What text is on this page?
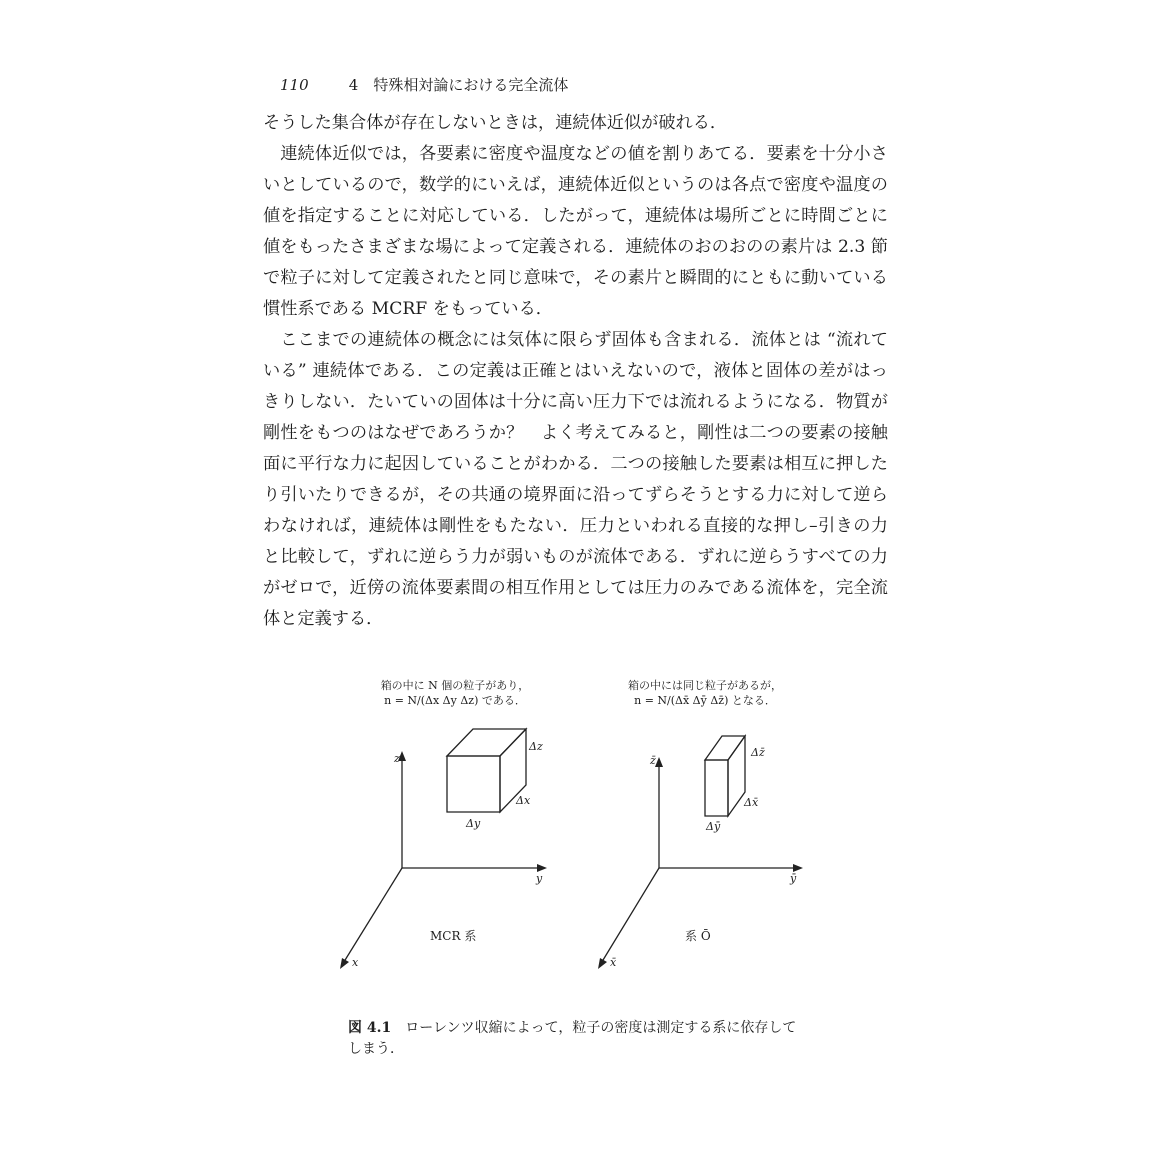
110	4　特殊相対論における完全流体

そうした集合体が存在しないときは，連続体近似が破れる．

連続体近似では，各要素に密度や温度などの値を割りあてる．要素を十分小さいとしているので，数学的にいえば，連続体近似というのは各点で密度や温度の値を指定することに対応している．したがって，連続体は場所ごとに時間ごとに値をもったさまざまな場によって定義される．連続体のおのおのの素片は 2.3 節で粒子に対して定義されたと同じ意味で，その素片と瞬間的にともに動いている慣性系である MCRF をもっている．

ここまでの連続体の概念には気体に限らず固体も含まれる．流体とは “流れている” 連続体である．この定義は正確とはいえないので，液体と固体の差がはっきりしない．たいていの固体は十分に高い圧力下では流れるようになる．物質が剛性をもつのはなぜであろうか？　よく考えてみると，剛性は二つの要素の接触面に平行な力に起因していることがわかる．二つの接触した要素は相互に押したり引いたりできるが，その共通の境界面に沿ってずらそうとする力に対して逆らわなければ，連続体は剛性をもたない．圧力といわれる直接的な押し–引きの力と比較して，ずれに逆らう力が弱いものが流体である．ずれに逆らうすべての力がゼロで，近傍の流体要素間の相互作用としては圧力のみである流体を，完全流体と定義する．

箱の中に N 個の粒子があり，
n = N/(Δx Δy Δz) である．
箱の中には同じ粒子があるが，
n = N/(Δx̄ Δȳ Δz̄) となる．
z
y
x
Δz
Δx
Δy
MCR 系
z̄
ȳ
x̄
Δz̄
Δx̄
Δȳ
系 Ō
図 4.1 ローレンツ収縮によって，粒子の密度は測定する系に依存してしまう．
